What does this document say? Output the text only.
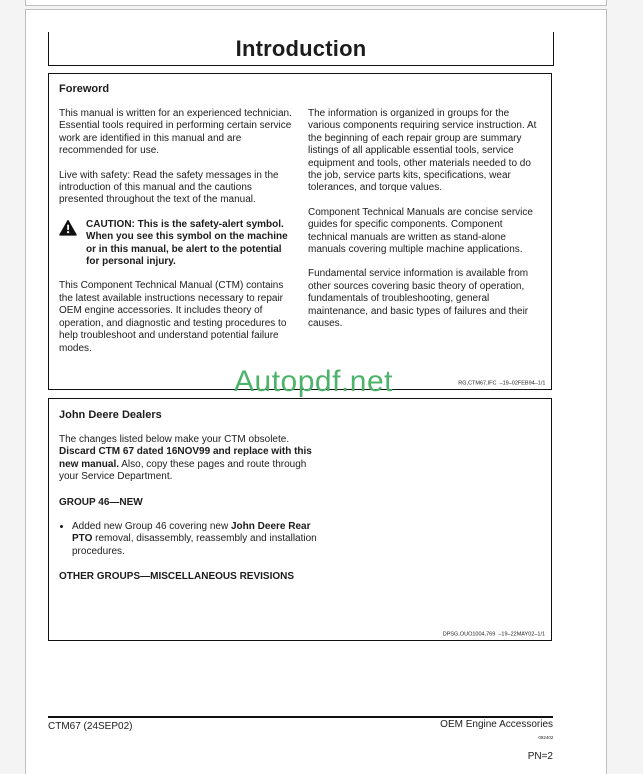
Introduction
Foreword

This manual is written for an experienced technician. Essential tools required in performing certain service work are identified in this manual and are recommended for use.

Live with safety: Read the safety messages in the introduction of this manual and the cautions presented throughout the text of the manual.

CAUTION: This is the safety-alert symbol. When you see this symbol on the machine or in this manual, be alert to the potential for personal injury.

This Component Technical Manual (CTM) contains the latest available instructions necessary to repair OEM engine accessories. It includes theory of operation, and diagnostic and testing procedures to help troubleshoot and understand potential failure modes.

The information is organized in groups for the various components requiring service instruction. At the beginning of each repair group are summary listings of all applicable essential tools, service equipment and tools, other materials needed to do the job, service parts kits, specifications, wear tolerances, and torque values.

Component Technical Manuals are concise service guides for specific components. Component technical manuals are written as stand-alone manuals covering multiple machine applications.

Fundamental service information is available from other sources covering basic theory of operation, fundamentals of troubleshooting, general maintenance, and basic types of failures and their causes.

RG,CTM67,IFC  –19–02FEB94–1/1
John Deere Dealers

The changes listed below make your CTM obsolete. Discard CTM 67 dated 16NOV99 and replace with this new manual. Also, copy these pages and route through your Service Department.

GROUP 46—NEW
• Added new Group 46 covering new John Deere Rear PTO removal, disassembly, reassembly and installation procedures.
OTHER GROUPS—MISCELLANEOUS REVISIONS
DPSG,OUO1004,769  –19–22MAY02–1/1
Autopdf.net
CTM67 (24SEP02)	OEM Engine Accessories
092402
PN=2
